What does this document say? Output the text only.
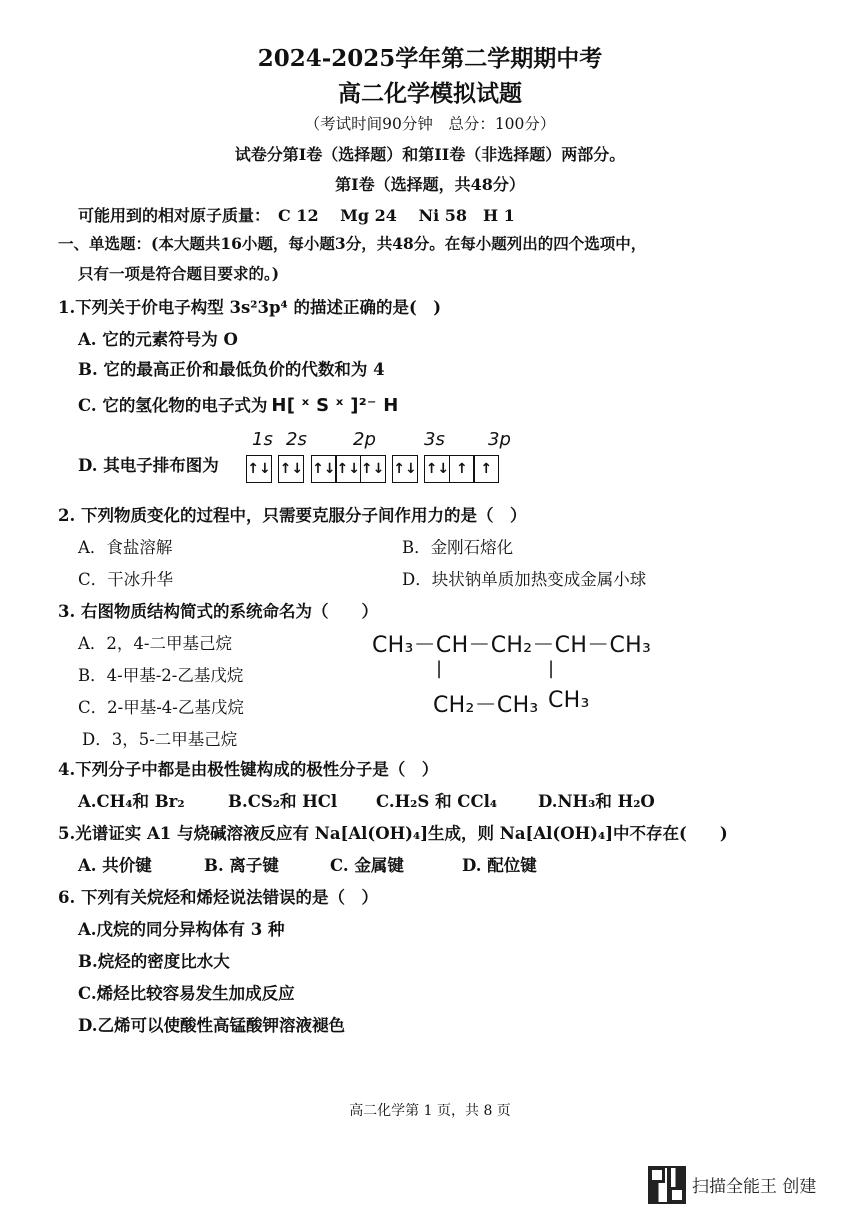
2024-2025学年第二学期期中考
高二化学模拟试题
（考试时间90分钟　总分：100分）
试卷分第I卷（选择题）和第II卷（非选择题）两部分。
第I卷（选择题，共48分）
可能用到的相对原子质量：　C 12　 Mg 24　 Ni 58　H 1
一、单选题：(本大题共16小题，每小题3分，共48分。在每小题列出的四个选项中，
只有一项是符合题目要求的。)
1.下列关于价电子构型 3s²3p⁴ 的描述正确的是(　)
A. 它的元素符号为 O
B. 它的最高正价和最低负价的代数和为 4
C. 它的氢化物的电子式为 H[ ˣ S ˣ ]²⁻ H
D. 其电子排布图为
1s 2s	2p	3s 3p
↑↓ ↑↓ ↑↓ ↑↓ ↑↓ ↑↓ ↑↓ ↑ ↑
2. 下列物质变化的过程中，只需要克服分子间作用力的是（　）
A．食盐溶解	B．金刚石熔化
C．干冰升华	D．块状钠单质加热变成金属小球
3. 右图物质结构简式的系统命名为（　　）
A．2，4-二甲基己烷
B．4-甲基-2-乙基戊烷
C．2-甲基-4-乙基戊烷
D．3，5-二甲基己烷
CH₃－CH－CH₂－CH－CH₃
|	|
CH₂－CH₃ CH₃
4.下列分子中都是由极性键构成的极性分子是（　）
A.CH₄和 Br₂	B.CS₂和 HCl C.H₂S 和 CCl₄ D.NH₃和 H₂O
5.光谱证实 A1 与烧碱溶液反应有 Na[Al(OH)₄]生成，则 Na[Al(OH)₄]中不存在(　　)
A. 共价键	B. 离子键	C. 金属键	D. 配位键
6. 下列有关烷烃和烯烃说法错误的是（　）
A.戊烷的同分异构体有 3 种
B.烷烃的密度比水大
C.烯烃比较容易发生加成反应
D.乙烯可以使酸性高锰酸钾溶液褪色
高二化学第 1 页，共 8 页
扫描全能王 创建
